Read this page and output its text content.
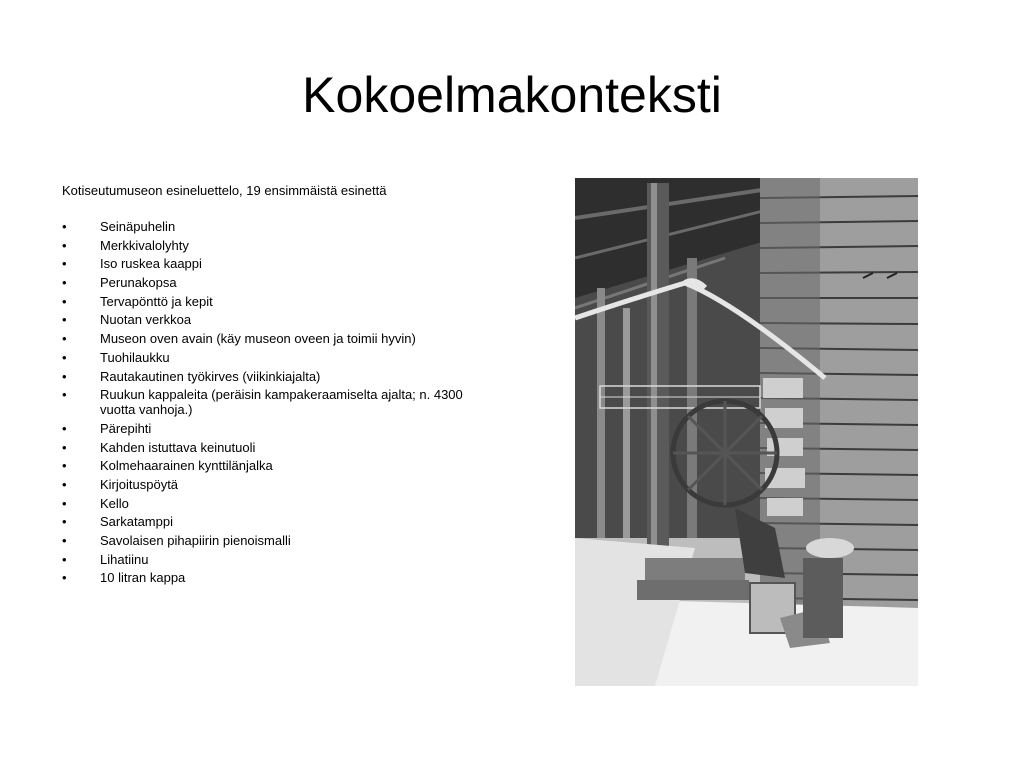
Kokoelmakonteksti

Kotiseutumuseon esineluettelo, 19 ensimmäistä esinettä

•	Seinäpuhelin
•	Merkkivalolyhty
•	Iso ruskea kaappi
•	Perunakopsa
•	Tervapönttö ja kepit
•	Nuotan verkkoa
•	Museon oven avain (käy museon oveen ja toimii hyvin)
•	Tuohilaukku
•	Rautakautinen työkirves (viikinkiajalta)
•	Ruukun kappaleita (peräisin kampakeraamiselta ajalta; n. 4300 vuotta vanhoja.)
•	Pärepihti
•	Kahden istuttava keinutuoli
•	Kolmehaarainen kynttilänjalka
•	Kirjoituspöytä
•	Kello
•	Sarkatamppi
•	Savolaisen pihapiirin pienoismalli
•	Lihatiinu
•	10 litran kappa
